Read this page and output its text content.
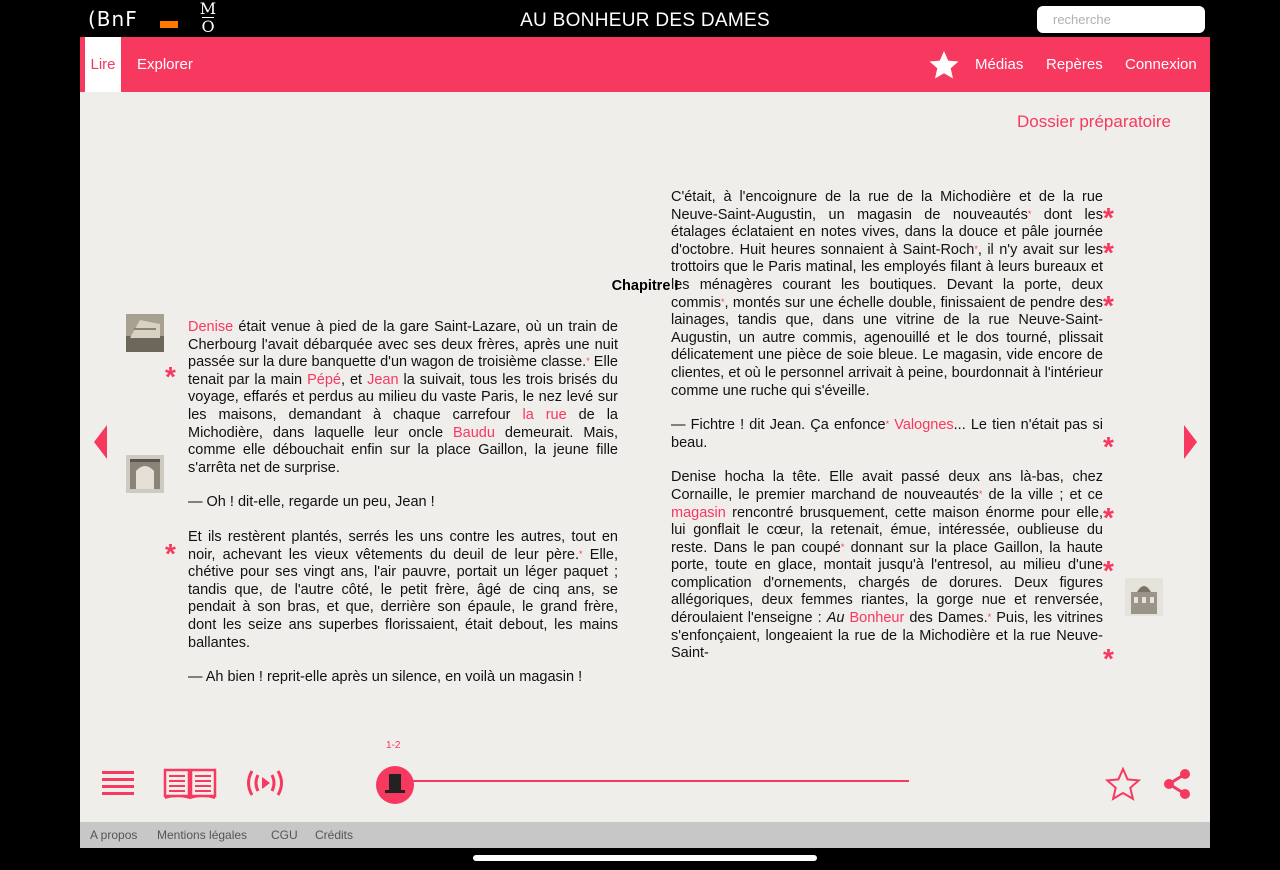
(BnF	M
O	AU BONHEUR DES DAMES
recherche
Lire	Explorer	Médias Repères Connexion
Dossier préparatoire
Chapitre I

Denise était venue à pied de la gare Saint-Lazare, où un train de Cherbourg l'avait débarquée avec ses deux frères, après une nuit passée sur la dure banquette d'un wagon de troisième classe.* Elle tenait par la main Pépé, et Jean la suivait, tous les trois brisés du voyage, effarés et perdus au milieu du vaste Paris, le nez levé sur les maisons, demandant à chaque carrefour la rue de la Michodière, dans laquelle leur oncle Baudu demeurait. Mais, comme elle débouchait enfin sur la place Gaillon, la jeune fille s'arrêta net de surprise.

— Oh ! dit-elle, regarde un peu, Jean !

Et ils restèrent plantés, serrés les uns contre les autres, tout en noir, achevant les vieux vêtements du deuil de leur père.* Elle, chétive pour ses vingt ans, l'air pauvre, portait un léger paquet ; tandis que, de l'autre côté, le petit frère, âgé de cinq ans, se pendait à son bras, et que, derrière son épaule, le grand frère, dont les seize ans superbes florissaient, était debout, les mains ballantes.

— Ah bien ! reprit-elle après un silence, en voilà un magasin !

C'était, à l'encoignure de la rue de la Michodière et de la rue Neuve-Saint-Augustin, un magasin de nouveautés* dont les étalages éclataient en notes vives, dans la douce et pâle journée d'octobre. Huit heures sonnaient à Saint-Roch*, il n'y avait sur les trottoirs que le Paris matinal, les employés filant à leurs bureaux et les ménagères courant les boutiques. Devant la porte, deux commis*, montés sur une échelle double, finissaient de pendre des lainages, tandis que, dans une vitrine de la rue Neuve-Saint-Augustin, un autre commis, agenouillé et le dos tourné, plissait délicatement une pièce de soie bleue. Le magasin, vide encore de clientes, et où le personnel arrivait à peine, bourdonnait à l'intérieur comme une ruche qui s'éveille.

— Fichtre ! dit Jean. Ça enfonce* Valognes... Le tien n'était pas si beau.

Denise hocha la tête. Elle avait passé deux ans là-bas, chez Cornaille, le premier marchand de nouveautés* de la ville ; et ce magasin rencontré brusquement, cette maison énorme pour elle, lui gonflait le cœur, la retenait, émue, intéressée, oublieuse du reste. Dans le pan coupé* donnant sur la place Gaillon, la haute porte, toute en glace, montait jusqu'à l'entresol, au milieu d'une complication d'ornements, chargés de dorures. Deux figures allégoriques, deux femmes riantes, la gorge nue et renversée, déroulaient l'enseigne : Au Bonheur des Dames.* Puis, les vitrines s'enfonçaient, longeaient la rue de la Michodière et la rue Neuve-Saint-

*
*
*
*
*
*
*
*
*
1-2
A propos Mentions légales CGU Crédits
